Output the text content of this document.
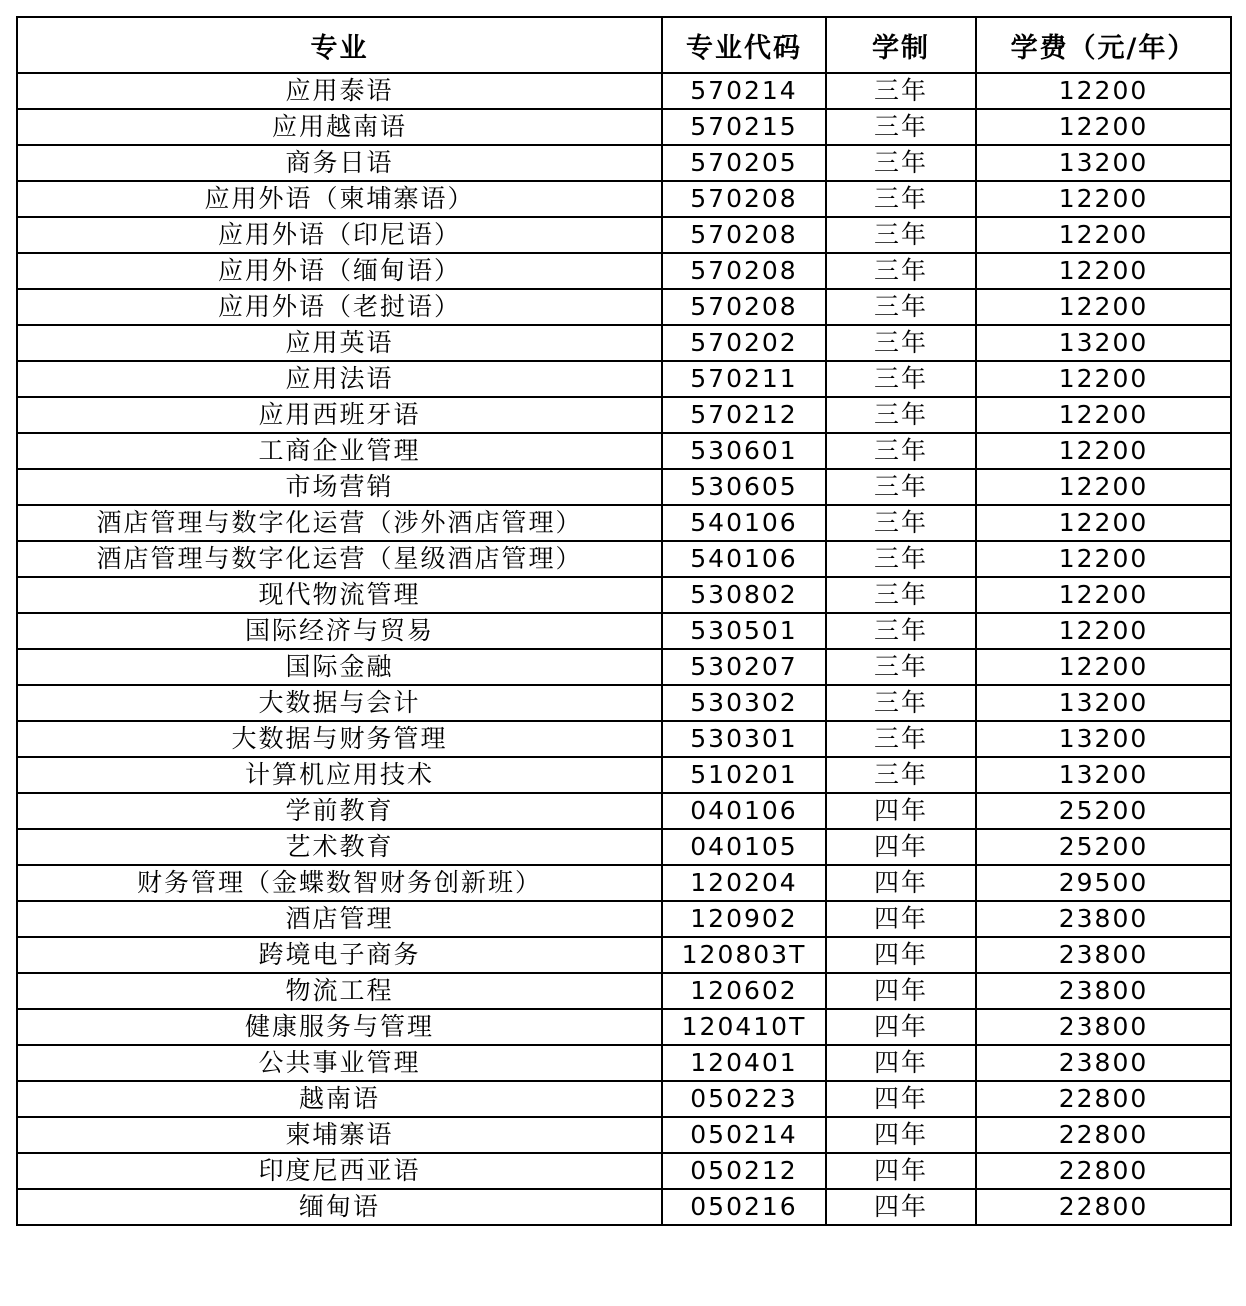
专业	专业代码	学制	学费（元/年）
应用泰语	570214	三年	12200
应用越南语	570215	三年	12200
商务日语	570205	三年	13200
应用外语（柬埔寨语）	570208	三年	12200
应用外语（印尼语）	570208	三年	12200
应用外语（缅甸语）	570208	三年	12200
应用外语（老挝语）	570208	三年	12200
应用英语	570202	三年	13200
应用法语	570211	三年	12200
应用西班牙语	570212	三年	12200
工商企业管理	530601	三年	12200
市场营销	530605	三年	12200
酒店管理与数字化运营（涉外酒店管理）	540106	三年	12200
酒店管理与数字化运营（星级酒店管理）	540106	三年	12200
现代物流管理	530802	三年	12200
国际经济与贸易	530501	三年	12200
国际金融	530207	三年	12200
大数据与会计	530302	三年	13200
大数据与财务管理	530301	三年	13200
计算机应用技术	510201	三年	13200
学前教育	040106	四年	25200
艺术教育	040105	四年	25200
财务管理（金蝶数智财务创新班）	120204	四年	29500
酒店管理	120902	四年	23800
跨境电子商务	120803T	四年	23800
物流工程	120602	四年	23800
健康服务与管理	120410T	四年	23800
公共事业管理	120401	四年	23800
越南语	050223	四年	22800
柬埔寨语	050214	四年	22800
印度尼西亚语	050212	四年	22800
缅甸语	050216	四年	22800
